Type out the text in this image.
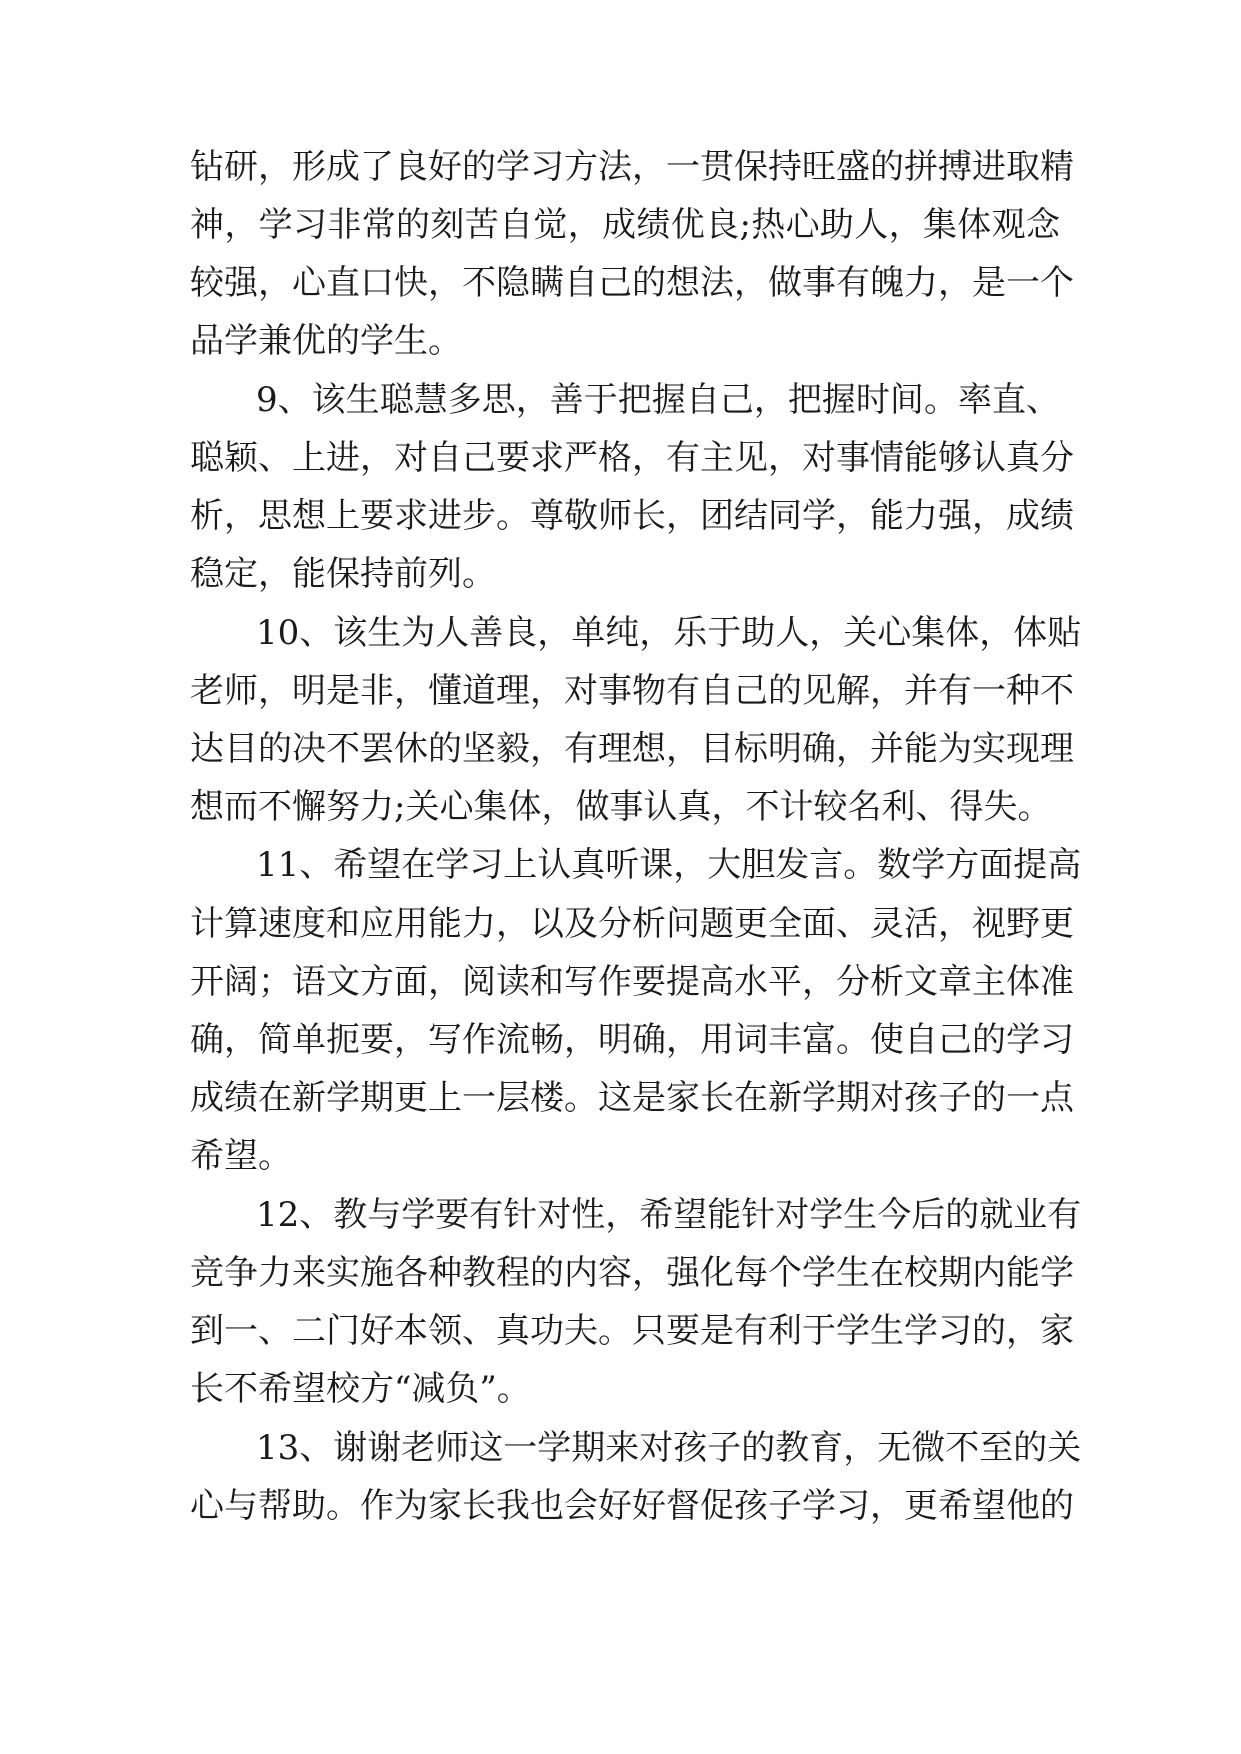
钻研，形成了良好的学习方法，一贯保持旺盛的拼搏进取精
神，学习非常的刻苦自觉，成绩优良;热心助人，集体观念
较强，心直口快，不隐瞒自己的想法，做事有魄力，是一个
品学兼优的学生。
9、该生聪慧多思，善于把握自己，把握时间。率直、
聪颖、上进，对自己要求严格，有主见，对事情能够认真分
析，思想上要求进步。尊敬师长，团结同学，能力强，成绩
稳定，能保持前列。
10、该生为人善良，单纯，乐于助人，关心集体，体贴
老师，明是非，懂道理，对事物有自己的见解，并有一种不
达目的决不罢休的坚毅，有理想，目标明确，并能为实现理
想而不懈努力;关心集体，做事认真，不计较名利、得失。
11、希望在学习上认真听课，大胆发言。数学方面提高
计算速度和应用能力，以及分析问题更全面、灵活，视野更
开阔；语文方面，阅读和写作要提高水平，分析文章主体准
确，简单扼要，写作流畅，明确，用词丰富。使自己的学习
成绩在新学期更上一层楼。这是家长在新学期对孩子的一点
希望。
12、教与学要有针对性，希望能针对学生今后的就业有
竞争力来实施各种教程的内容，强化每个学生在校期内能学
到一、二门好本领、真功夫。只要是有利于学生学习的，家
长不希望校方“减负”。
13、谢谢老师这一学期来对孩子的教育，无微不至的关
心与帮助。作为家长我也会好好督促孩子学习，更希望他的
